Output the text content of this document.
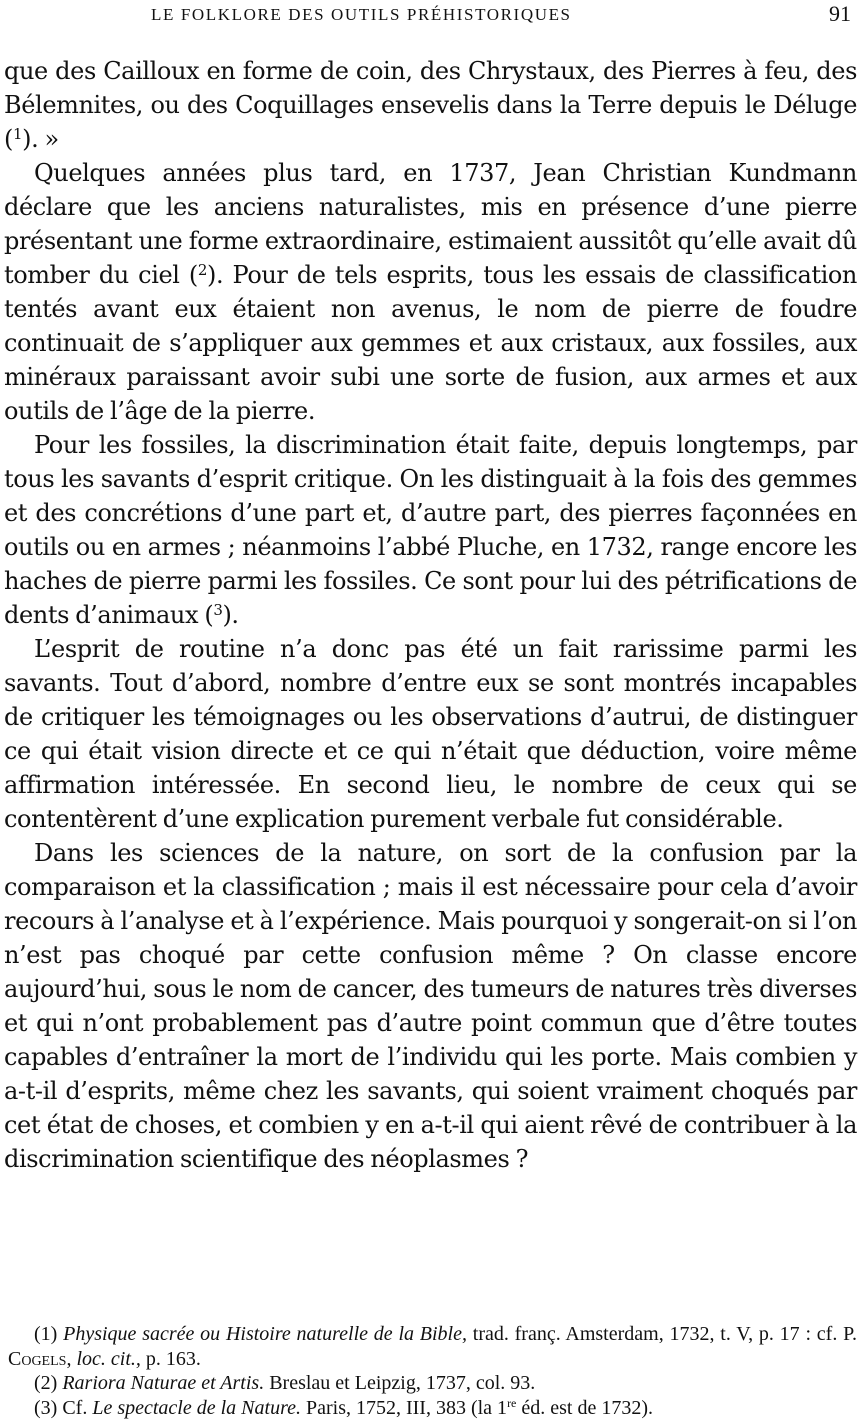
LE FOLKLORE DES OUTILS PRÉHISTORIQUES	91

que des Cailloux en forme de coin, des Chrystaux, des Pierres à feu, des Bélemnites, ou des Coquillages ensevelis dans la Terre depuis le Déluge ($^1$). »

Quelques années plus tard, en 1737, Jean Christian Kundmann déclare que les anciens naturalistes, mis en présence d’une pierre présentant une forme extraordinaire, estimaient aussitôt qu’elle avait dû tomber du ciel ($^2$). Pour de tels esprits, tous les essais de classification tentés avant eux étaient non avenus, le nom de pierre de foudre continuait de s’appliquer aux gemmes et aux cristaux, aux fossiles, aux minéraux paraissant avoir subi une sorte de fusion, aux armes et aux outils de l’âge de la pierre.

Pour les fossiles, la discrimination était faite, depuis longtemps, par tous les savants d’esprit critique. On les distinguait à la fois des gemmes et des concrétions d’une part et, d’autre part, des pierres façonnées en outils ou en armes ; néanmoins l’abbé Pluche, en 1732, range encore les haches de pierre parmi les fossiles. Ce sont pour lui des pétrifications de dents d’animaux ($^3$).

L’esprit de routine n’a donc pas été un fait rarissime parmi les savants. Tout d’abord, nombre d’entre eux se sont montrés incapables de critiquer les témoignages ou les observations d’autrui, de distinguer ce qui était vision directe et ce qui n’était que déduction, voire même affirmation intéressée. En second lieu, le nombre de ceux qui se contentèrent d’une explication purement verbale fut considérable.

Dans les sciences de la nature, on sort de la confusion par la comparaison et la classification ; mais il est nécessaire pour cela d’avoir recours à l’analyse et à l’expérience. Mais pourquoi y songerait-on si l’on n’est pas choqué par cette confusion même ? On classe encore aujourd’hui, sous le nom de cancer, des tumeurs de natures très diverses et qui n’ont probablement pas d’autre point commun que d’être toutes capables d’entraîner la mort de l’individu qui les porte. Mais combien y a-t-il d’esprits, même chez les savants, qui soient vraiment choqués par cet état de choses, et combien y en a-t-il qui aient rêvé de contribuer à la discrimination scientifique des néoplasmes ?

(1) Physique sacrée ou Histoire naturelle de la Bible, trad. franç. Amsterdam, 1732, t. V, p. 17 : cf. P. Cogels, loc. cit., p. 163.

(2) Rariora Naturae et Artis. Breslau et Leipzig, 1737, col. 93.

(3) Cf. Le spectacle de la Nature. Paris, 1752, III, 383 (la 1re éd. est de 1732).
